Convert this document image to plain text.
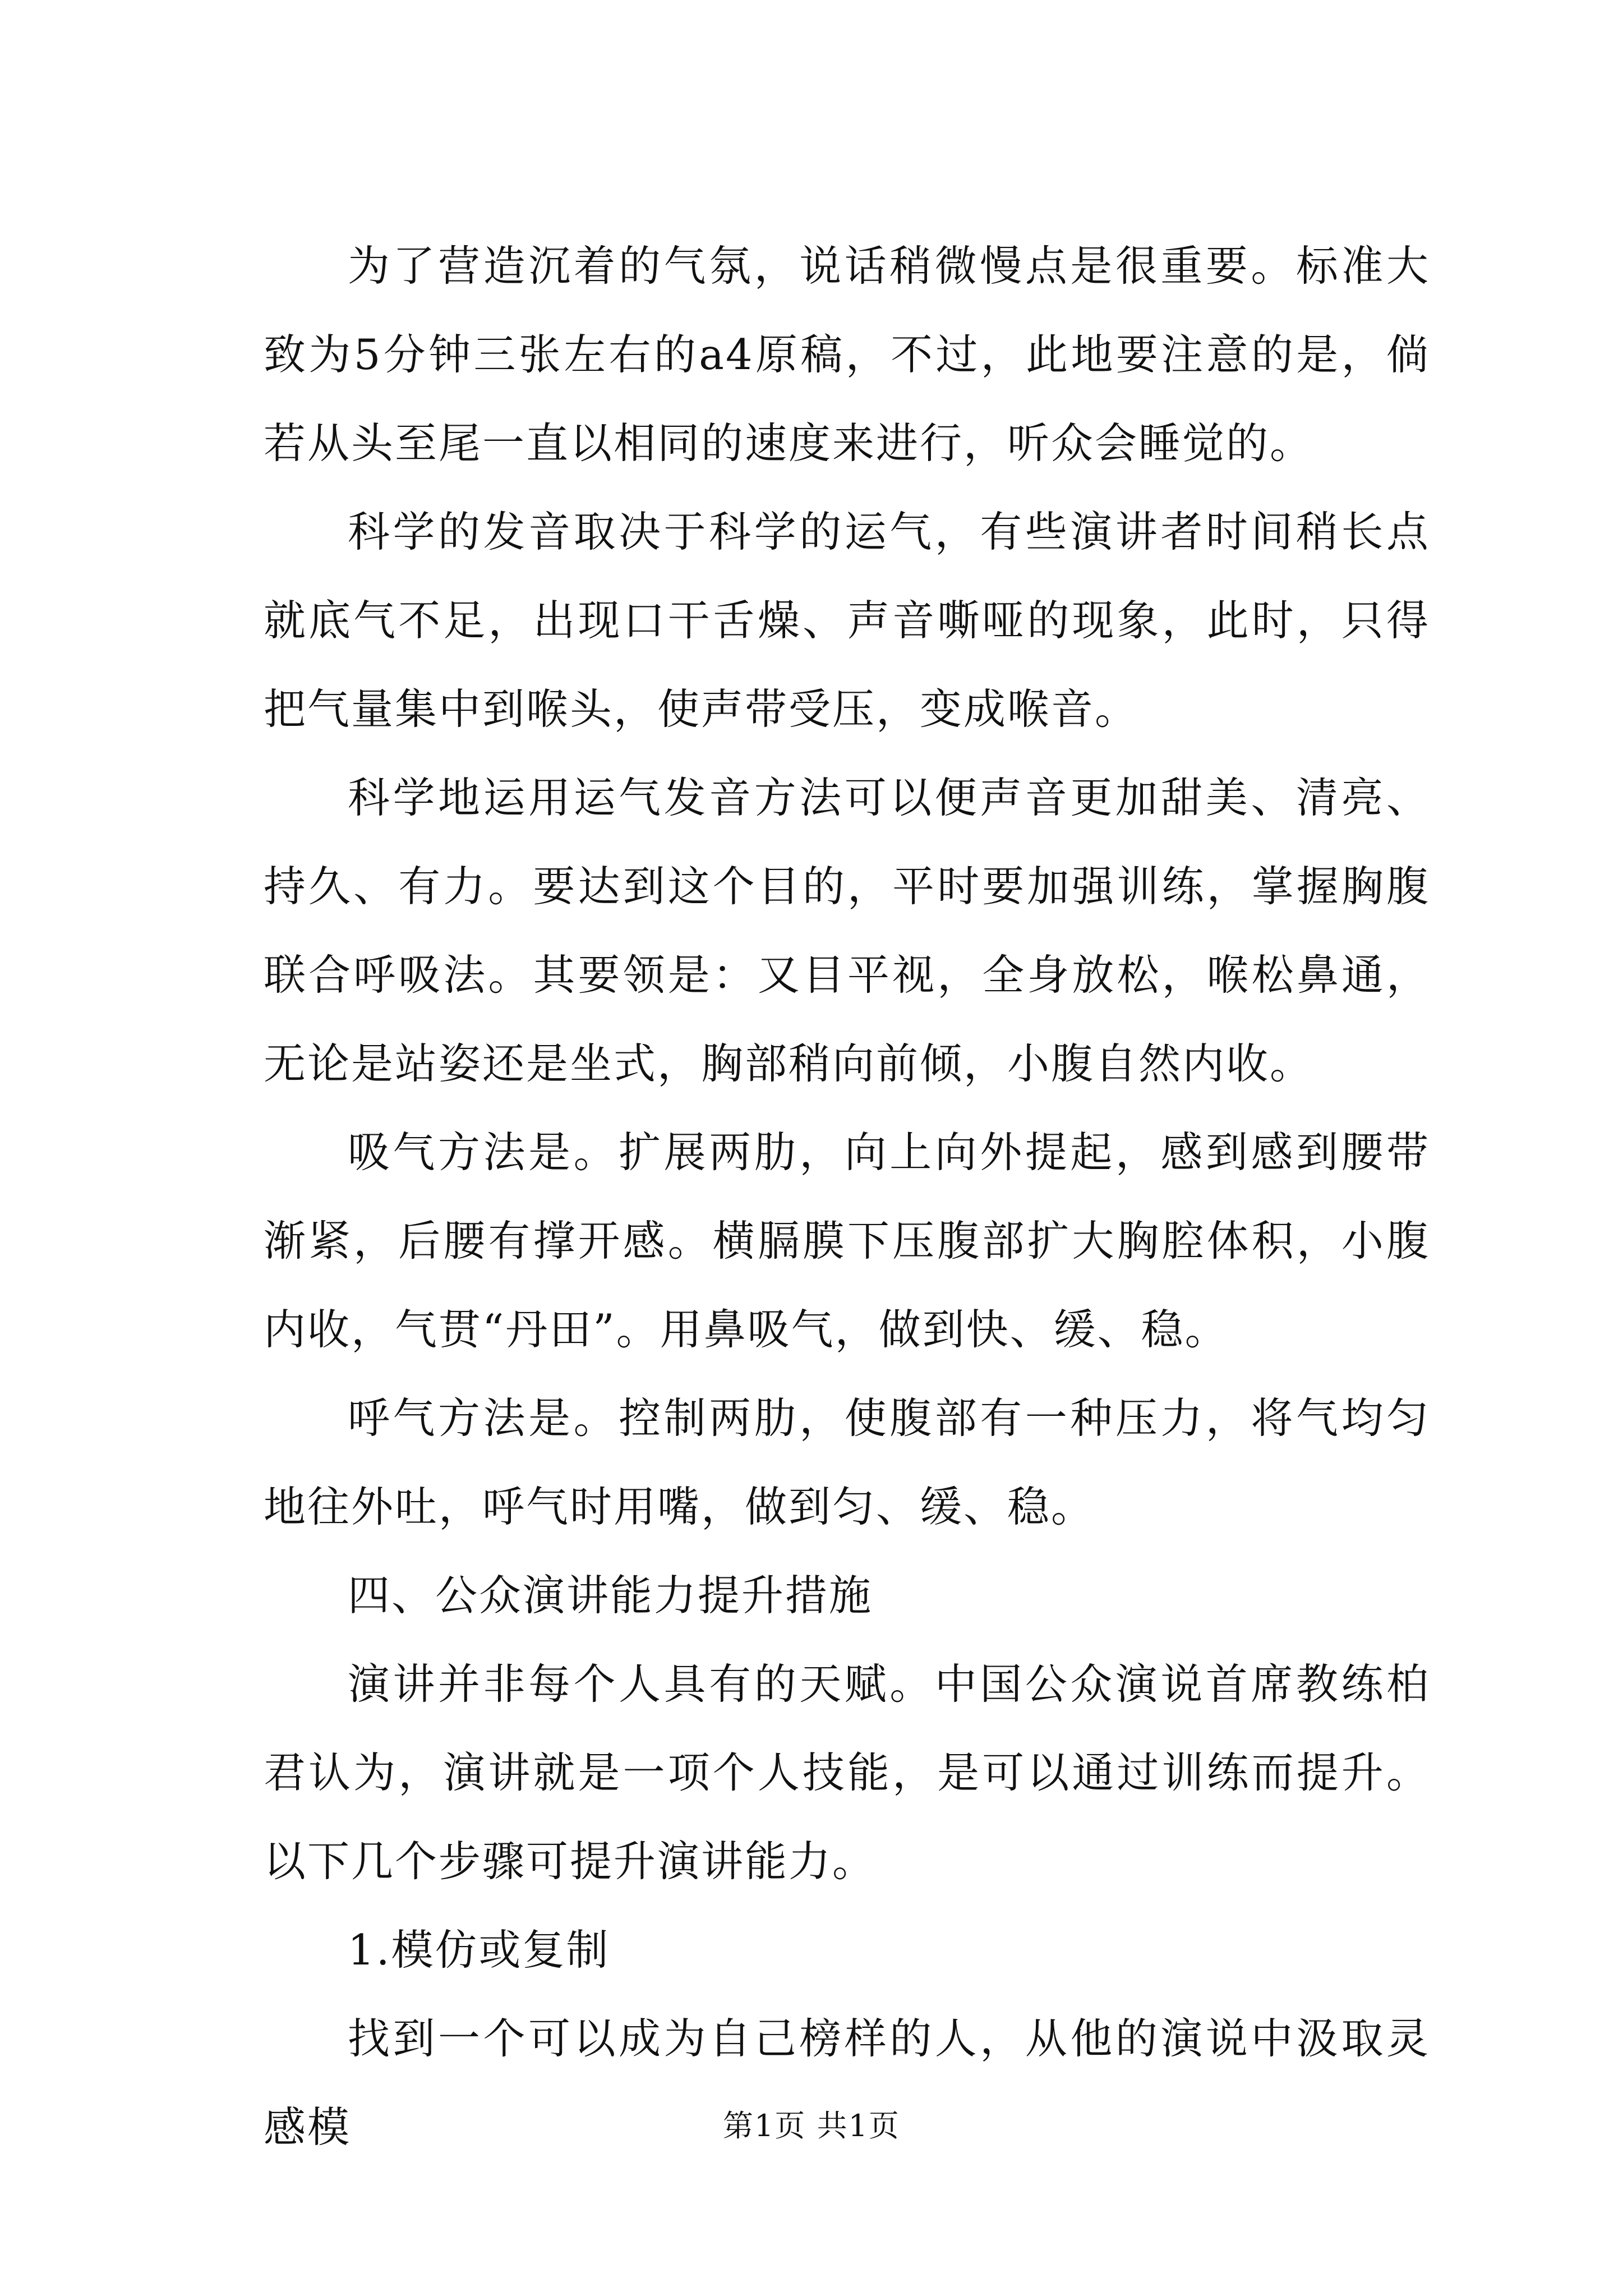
为了营造沉着的气氛，说话稍微慢点是很重要。标准大致为5分钟三张左右的a4原稿，不过，此地要注意的是，倘若从头至尾一直以相同的速度来进行，听众会睡觉的。

科学的发音取决于科学的运气，有些演讲者时间稍长点就底气不足，出现口干舌燥、声音嘶哑的现象，此时，只得把气量集中到喉头，使声带受压，变成喉音。

科学地运用运气发音方法可以便声音更加甜美、清亮、持久、有力。要达到这个目的，平时要加强训练，掌握胸腹联合呼吸法。其要领是：又目平视，全身放松，喉松鼻通，无论是站姿还是坐式，胸部稍向前倾，小腹自然内收。

吸气方法是。扩展两肋，向上向外提起，感到感到腰带渐紧，后腰有撑开感。横膈膜下压腹部扩大胸腔体积，小腹内收，气贯“丹田”。用鼻吸气，做到快、缓、稳。

呼气方法是。控制两肋，使腹部有一种压力，将气均匀地往外吐，呼气时用嘴，做到匀、缓、稳。

四、公众演讲能力提升措施

演讲并非每个人具有的天赋。中国公众演说首席教练柏君认为，演讲就是一项个人技能，是可以通过训练而提升。以下几个步骤可提升演讲能力。

1.模仿或复制

找到一个可以成为自己榜样的人，从他的演说中汲取灵感模	第1页 共1页
